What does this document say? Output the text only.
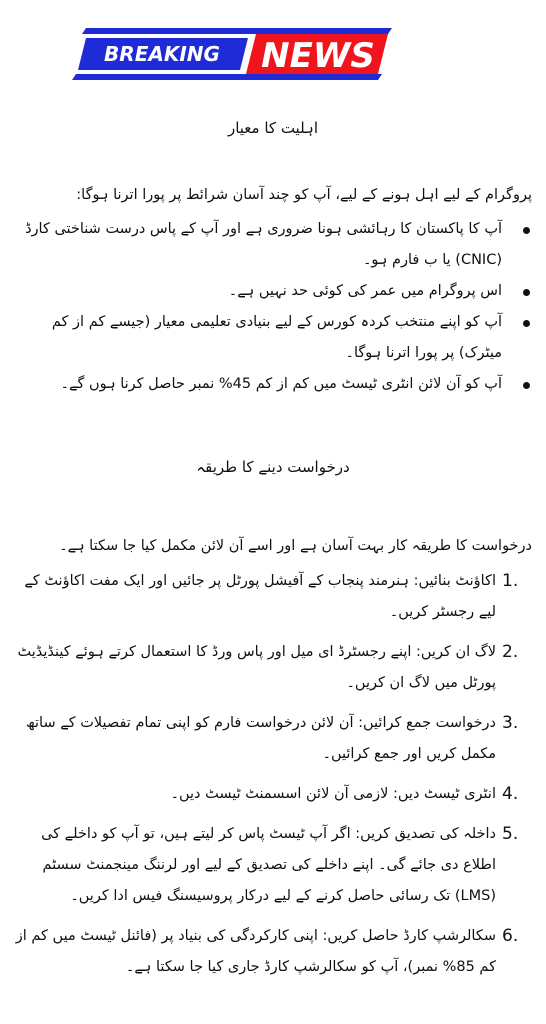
BREAKING NEWS
اہلیت کا معیار
پروگرام کے لیے اہل ہونے کے لیے، آپ کو چند آسان شرائط پر پورا اترنا ہوگا:
آپ کا پاکستان کا رہائشی ہونا ضروری ہے اور آپ کے پاس درست شناختی کارڈ (CNIC) یا ب فارم ہو۔
اس پروگرام میں عمر کی کوئی حد نہیں ہے۔
آپ کو اپنے منتخب کردہ کورس کے لیے بنیادی تعلیمی معیار (جیسے کم از کم میٹرک) پر پورا اترنا ہوگا۔
آپ کو آن لائن انٹری ٹیسٹ میں کم از کم 45% نمبر حاصل کرنا ہوں گے۔
درخواست دینے کا طریقہ
درخواست کا طریقہ کار بہت آسان ہے اور اسے آن لائن مکمل کیا جا سکتا ہے۔
1.
اکاؤنٹ بنائیں: ہنرمند پنجاب کے آفیشل پورٹل پر جائیں اور ایک مفت اکاؤنٹ کے لیے رجسٹر کریں۔
2.
لاگ ان کریں: اپنے رجسٹرڈ ای میل اور پاس ورڈ کا استعمال کرتے ہوئے کینڈیڈیٹ پورٹل میں لاگ ان کریں۔
3.
درخواست جمع کرائیں: آن لائن درخواست فارم کو اپنی تمام تفصیلات کے ساتھ مکمل کریں اور جمع کرائیں۔
4.
انٹری ٹیسٹ دیں: لازمی آن لائن اسسمنٹ ٹیسٹ دیں۔
5.
داخلہ کی تصدیق کریں: اگر آپ ٹیسٹ پاس کر لیتے ہیں، تو آپ کو داخلے کی اطلاع دی جائے گی۔ اپنے داخلے کی تصدیق کے لیے اور لرننگ مینجمنٹ سسٹم (LMS) تک رسائی حاصل کرنے کے لیے درکار پروسیسنگ فیس ادا کریں۔
6.
سکالرشپ کارڈ حاصل کریں: اپنی کارکردگی کی بنیاد پر (فائنل ٹیسٹ میں کم از کم 85% نمبر)، آپ کو سکالرشپ کارڈ جاری کیا جا سکتا ہے۔
